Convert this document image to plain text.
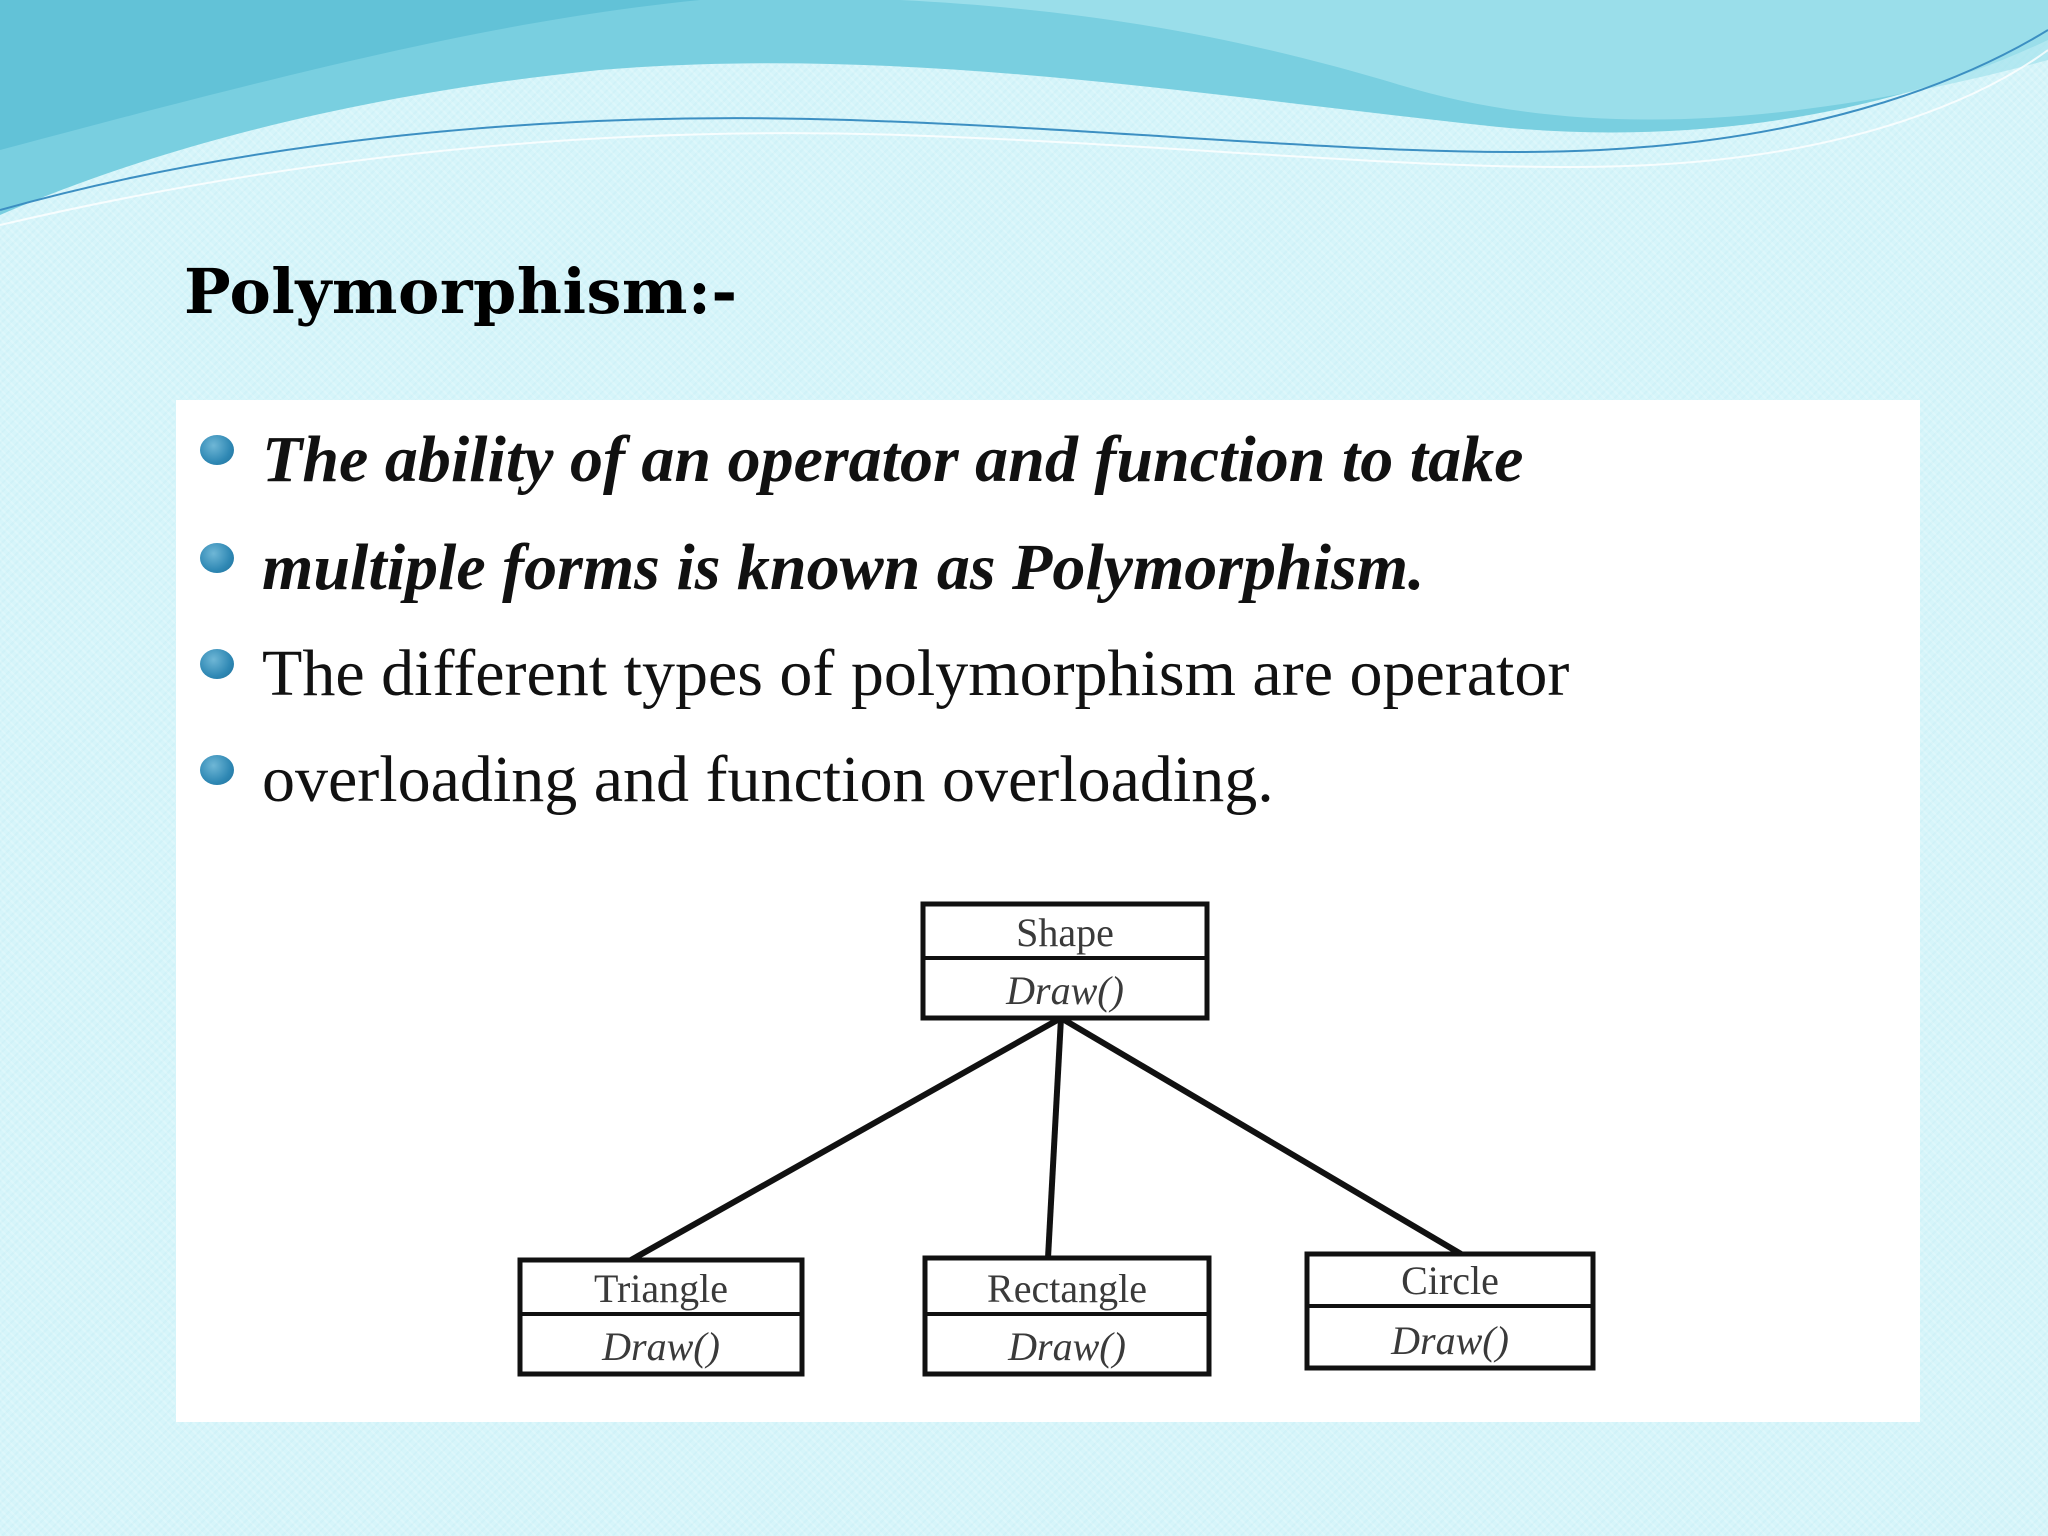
Polymorphism:-
The ability of an operator and function to take
multiple forms is known as Polymorphism.
The different types of polymorphism are operator
overloading and function overloading.
Shape
Draw()
Triangle
Draw()
Rectangle
Draw()
Circle
Draw()
